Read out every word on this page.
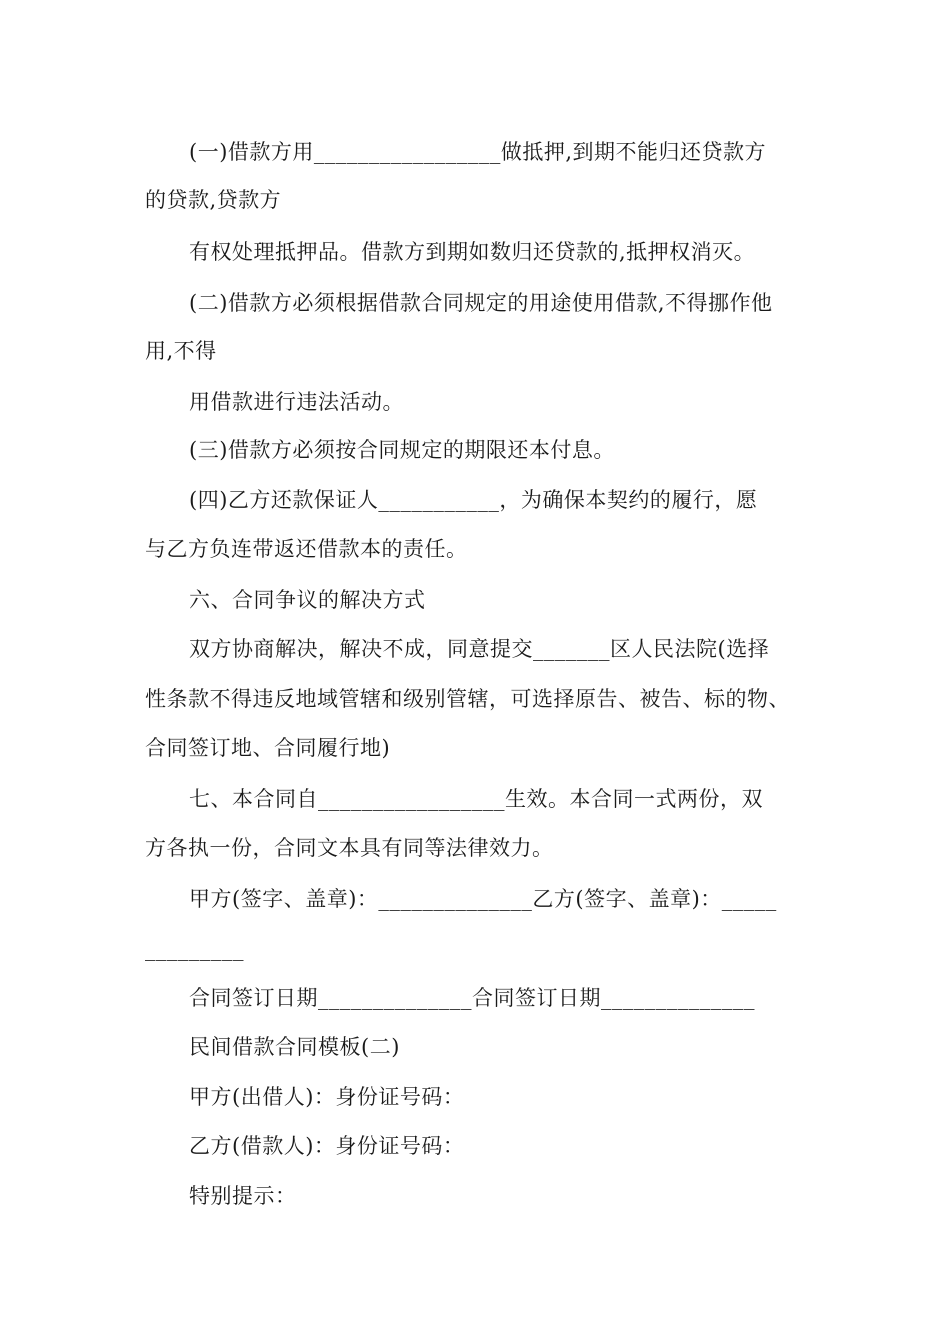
(一)借款方用_________________做抵押,到期不能归还贷款方
的贷款,贷款方
有权处理抵押品。借款方到期如数归还贷款的,抵押权消灭。
(二)借款方必须根据借款合同规定的用途使用借款,不得挪作他
用,不得
用借款进行违法活动。
(三)借款方必须按合同规定的期限还本付息。
(四)乙方还款保证人___________，为确保本契约的履行，愿
与乙方负连带返还借款本的责任。
六、合同争议的解决方式
双方协商解决，解决不成，同意提交_______区人民法院(选择
性条款不得违反地域管辖和级别管辖，可选择原告、被告、标的物、
合同签订地、合同履行地)
七、本合同自_________________生效。本合同一式两份，双
方各执一份，合同文本具有同等法律效力。
甲方(签字、盖章)：______________乙方(签字、盖章)：_____
_________
合同签订日期______________合同签订日期______________
民间借款合同模板(二)
甲方(出借人)：身份证号码：
乙方(借款人)：身份证号码：
特别提示：
